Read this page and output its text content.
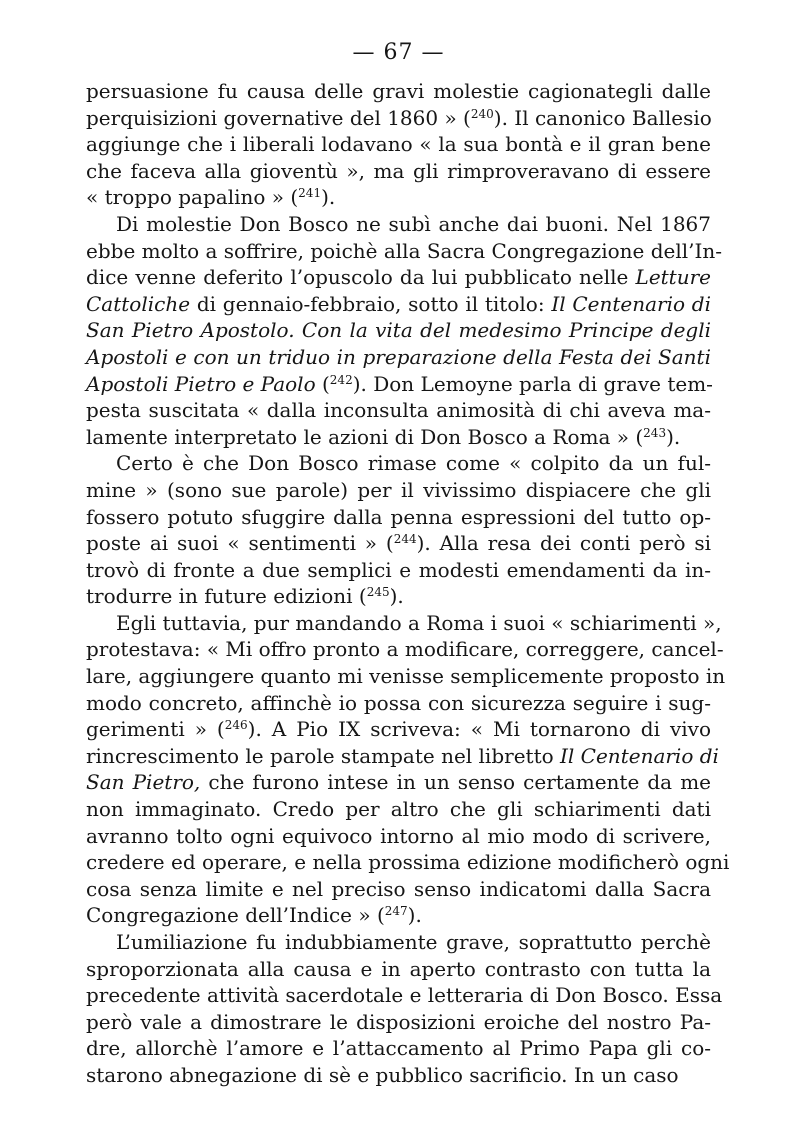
— 67 —
persuasione fu causa delle gravi molestie cagionategli dalle
perquisizioni governative del 1860 » ($^{240}$). Il canonico Ballesio
aggiunge che i liberali lodavano « la sua bontà e il gran bene
che faceva alla gioventù », ma gli rimproveravano di essere
« troppo papalino » ($^{241}$).
Di molestie Don Bosco ne subì anche dai buoni. Nel 1867
ebbe molto a soffrire, poichè alla Sacra Congregazione dell’In-
dice venne deferito l’opuscolo da lui pubblicato nelle Letture
Cattoliche di gennaio-febbraio, sotto il titolo: Il Centenario di
San Pietro Apostolo. Con la vita del medesimo Principe degli
Apostoli e con un triduo in preparazione della Festa dei Santi
Apostoli Pietro e Paolo ($^{242}$). Don Lemoyne parla di grave tem-
pesta suscitata « dalla inconsulta animosità di chi aveva ma-
lamente interpretato le azioni di Don Bosco a Roma » ($^{243}$).
Certo è che Don Bosco rimase come « colpito da un ful-
mine » (sono sue parole) per il vivissimo dispiacere che gli
fossero potuto sfuggire dalla penna espressioni del tutto op-
poste ai suoi « sentimenti » ($^{244}$). Alla resa dei conti però si
trovò di fronte a due semplici e modesti emendamenti da in-
trodurre in future edizioni ($^{245}$).
Egli tuttavia, pur mandando a Roma i suoi « schiarimenti »,
protestava: « Mi offro pronto a modificare, correggere, cancel-
lare, aggiungere quanto mi venisse semplicemente proposto in
modo concreto, affinchè io possa con sicurezza seguire i sug-
gerimenti » ($^{246}$). A Pio IX scriveva: « Mi tornarono di vivo
rincrescimento le parole stampate nel libretto Il Centenario di
San Pietro, che furono intese in un senso certamente da me
non immaginato. Credo per altro che gli schiarimenti dati
avranno tolto ogni equivoco intorno al mio modo di scrivere,
credere ed operare, e nella prossima edizione modificherò ogni
cosa senza limite e nel preciso senso indicatomi dalla Sacra
Congregazione dell’Indice » ($^{247}$).
L’umiliazione fu indubbiamente grave, soprattutto perchè
sproporzionata alla causa e in aperto contrasto con tutta la
precedente attività sacerdotale e letteraria di Don Bosco. Essa
però vale a dimostrare le disposizioni eroiche del nostro Pa-
dre, allorchè l’amore e l’attaccamento al Primo Papa gli co-
starono abnegazione di sè e pubblico sacrificio. In un caso
